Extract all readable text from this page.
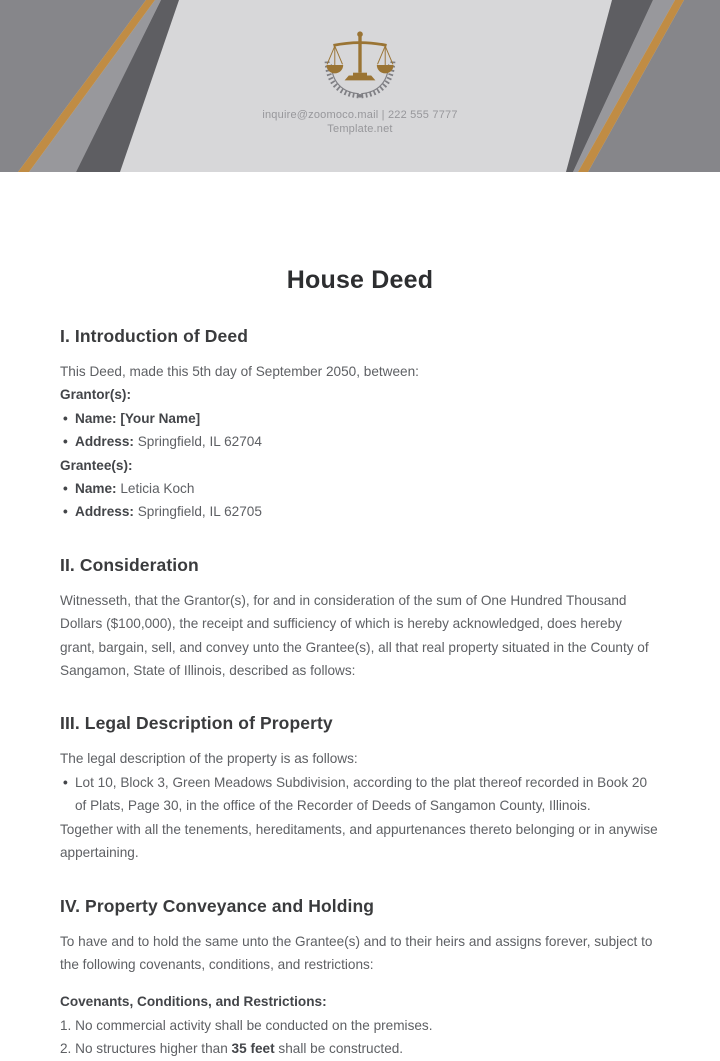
inquire@zoomoco.mail | 222 555 7777
Template.net
House Deed
I. Introduction of Deed
This Deed, made this 5th day of September 2050, between:
Grantor(s):
• Name: [Your Name]
• Address: Springfield, IL 62704
Grantee(s):
• Name: Leticia Koch
• Address: Springfield, IL 62705
II. Consideration

Witnesseth, that the Grantor(s), for and in consideration of the sum of One Hundred Thousand Dollars ($100,000), the receipt and sufficiency of which is hereby acknowledged, does hereby grant, bargain, sell, and convey unto the Grantee(s), all that real property situated in the County of Sangamon, State of Illinois, described as follows:

III. Legal Description of Property
The legal description of the property is as follows:
• Lot 10, Block 3, Green Meadows Subdivision, according to the plat thereof recorded in Book 20 of Plats, Page 30, in the office of the Recorder of Deeds of Sangamon County, Illinois.
Together with all the tenements, hereditaments, and appurtenances thereto belonging or in anywise appertaining.
IV. Property Conveyance and Holding

To have and to hold the same unto the Grantee(s) and to their heirs and assigns forever, subject to the following covenants, conditions, and restrictions:

Covenants, Conditions, and Restrictions:
1. No commercial activity shall be conducted on the premises.
2. No structures higher than 35 feet shall be constructed.
